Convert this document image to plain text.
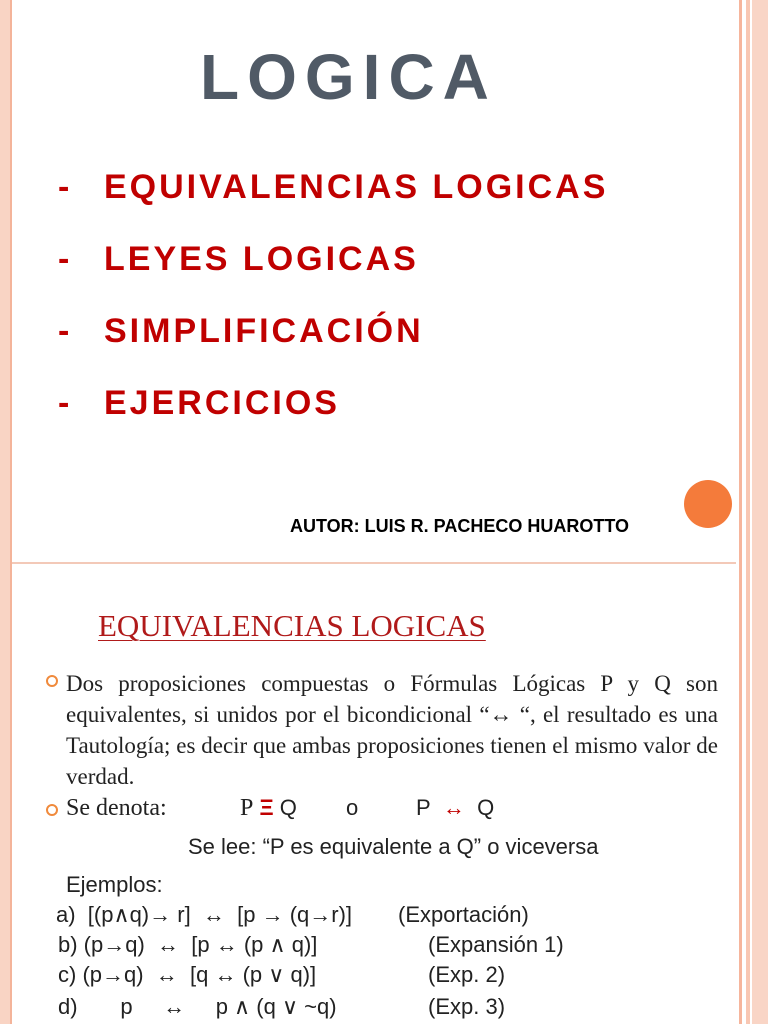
LOGICA
- EQUIVALENCIAS LOGICAS
- LEYES LOGICAS
- SIMPLIFICACIÓN
- EJERCICIOS
AUTOR: LUIS R. PACHECO HUAROTTO
EQUIVALENCIAS LOGICAS
Dos proposiciones compuestas o Fórmulas Lógicas P y Q son equivalentes, si unidos por el bicondicional “↔ “, el resultado es una Tautología; es decir que ambas proposiciones tienen el mismo valor de verdad.
Se denota:	P Ξ Q o	P ↔ Q
Se lee: “P es equivalente a Q” o viceversa
Ejemplos:
a)  [(p∧q)→ r]  ↔  [p → (q→r)] (Exportación)
b) (p→q)  ↔  [p ↔ (p ∧ q)]	(Expansión 1)
c) (p→q)  ↔  [q ↔ (p ∨ q)]	(Exp. 2)
d)       p     ↔     p ∧ (q ∨ ~q)	(Exp. 3)
